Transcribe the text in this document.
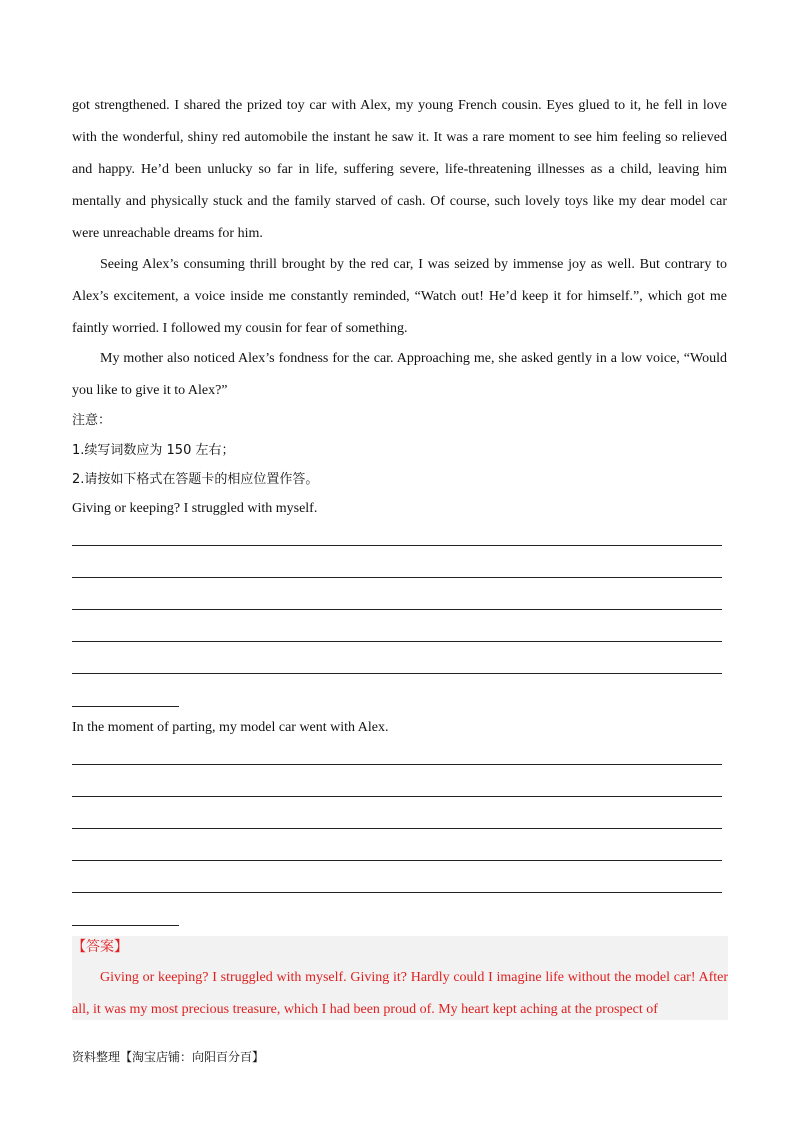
got strengthened. I shared the prized toy car with Alex, my young French cousin. Eyes glued to it, he fell in love with the wonderful, shiny red automobile the instant he saw it. It was a rare moment to see him feeling so relieved and happy. He’d been unlucky so far in life, suffering severe, life-threatening illnesses as a child, leaving him mentally and physically stuck and the family starved of cash. Of course, such lovely toys like my dear model car were unreachable dreams for him.

Seeing Alex’s consuming thrill brought by the red car, I was seized by immense joy as well. But contrary to Alex’s excitement, a voice inside me constantly reminded, “Watch out! He’d keep it for himself.”, which got me faintly worried. I followed my cousin for fear of something.

My mother also noticed Alex’s fondness for the car. Approaching me, she asked gently in a low voice, “Would you like to give it to Alex?”

注意：

1.续写词数应为 150 左右；

2.请按如下格式在答题卡的相应位置作答。

Giving or keeping? I struggled with myself.

In the moment of parting, my model car went with Alex.

【答案】

Giving or keeping? I struggled with myself. Giving it? Hardly could I imagine life without the model car! After all, it was my most precious treasure, which I had been proud of. My heart kept aching at the prospect of

资料整理【淘宝店铺：向阳百分百】
